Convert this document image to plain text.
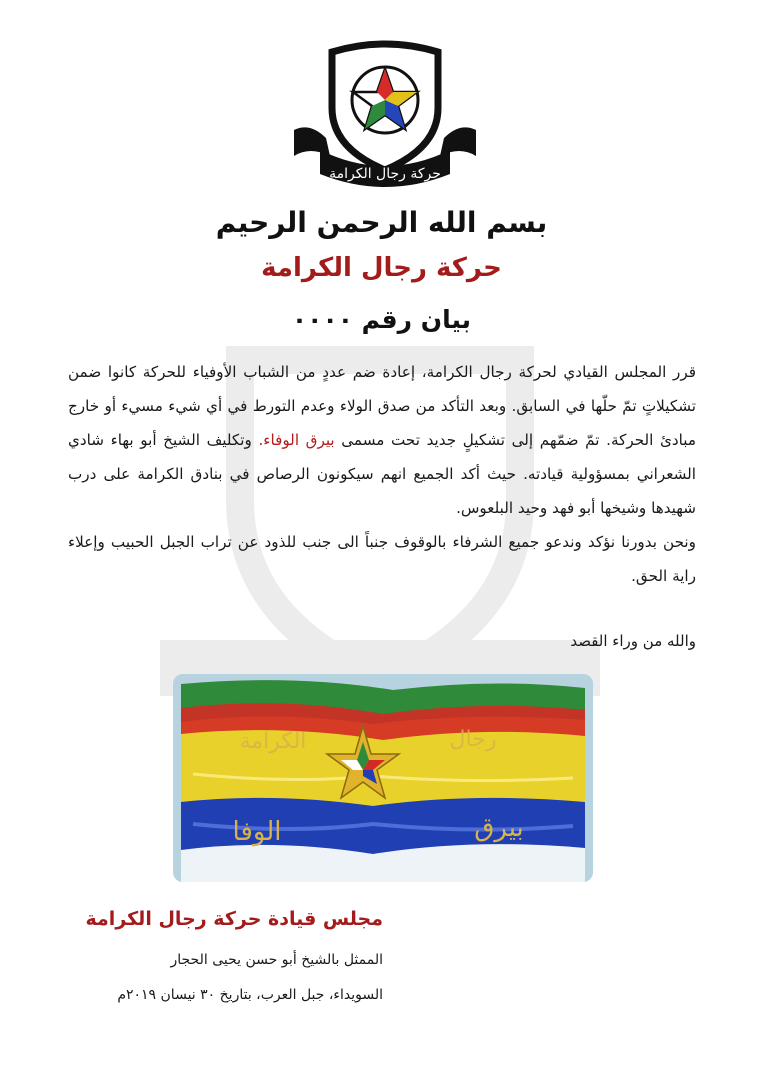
حركة رجال الكرامة
بسم الله الرحمن الرحيم
حركة رجال الكرامة
بيان رقم ٠٠٠٠

قرر المجلس القيادي لحركة رجال الكرامة، إعادة ضم عددٍ من الشباب الأوفياء للحركة كانوا ضمن تشكيلاتٍ تمّ حلّها في السابق. وبعد التأكد من صدق الولاء وعدم التورط في أي شيء مسيء أو خارج مبادئ الحركة. تمّ ضمّهم إلى تشكيلٍ جديد تحت مسمى بيرق الوفاء. وتكليف الشيخ أبو بهاء شادي الشعراني بمسؤولية قيادته. حيث أكد الجميع انهم سيكونون الرصاص في بنادق الكرامة على درب شهيدها وشيخها أبو فهد وحيد البلعوس.

ونحن بدورنا نؤكد وندعو جميع الشرفاء بالوقوف جنباً الى جنب للذود عن تراب الجبل الحبيب وإعلاء راية الحق.

والله من وراء القصد
الكرامة	رجال
الوفا	بيرق
مجلس قيادة حركة رجال الكرامة
الممثل بالشيخ أبو حسن يحيى الحجار
السويداء، جبل العرب، بتاريخ ٣٠ نيسان ٢٠١٩م
